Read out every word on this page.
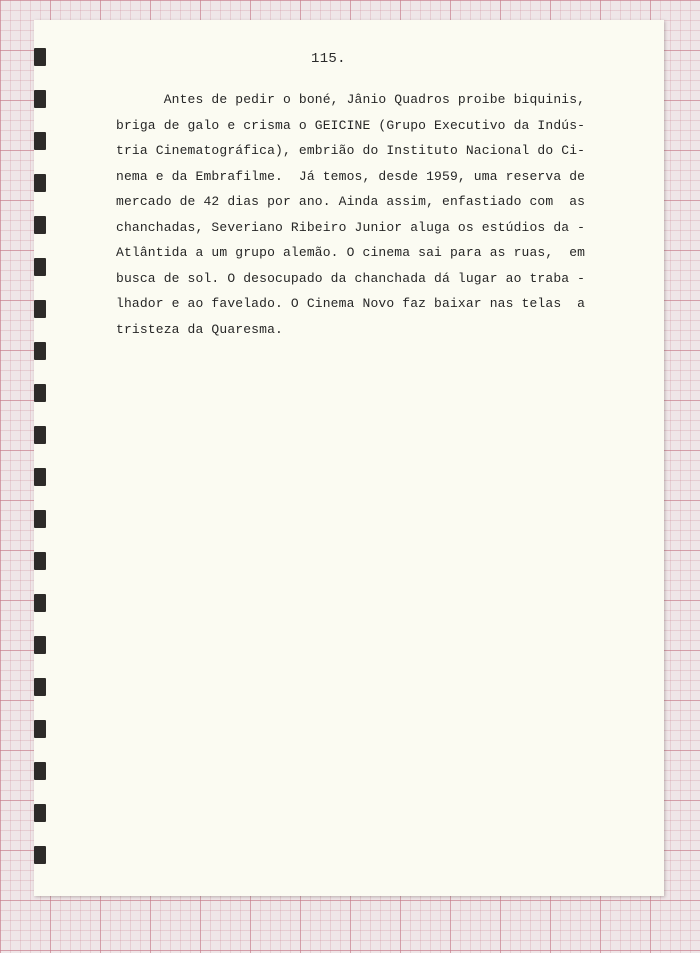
115.
Antes de pedir o boné, Jânio Quadros proibe biquinis,
briga de galo e crisma o GEICINE (Grupo Executivo da Indús-
tria Cinematográfica), embrião do Instituto Nacional do Ci-
nema e da Embrafilme.  Já temos, desde 1959, uma reserva de
mercado de 42 dias por ano. Ainda assim, enfastiado com  as
chanchadas, Severiano Ribeiro Junior aluga os estúdios da -
Atlântida a um grupo alemão. O cinema sai para as ruas,  em
busca de sol. O desocupado da chanchada dá lugar ao traba -
lhador e ao favelado. O Cinema Novo faz baixar nas telas  a
tristeza da Quaresma.
